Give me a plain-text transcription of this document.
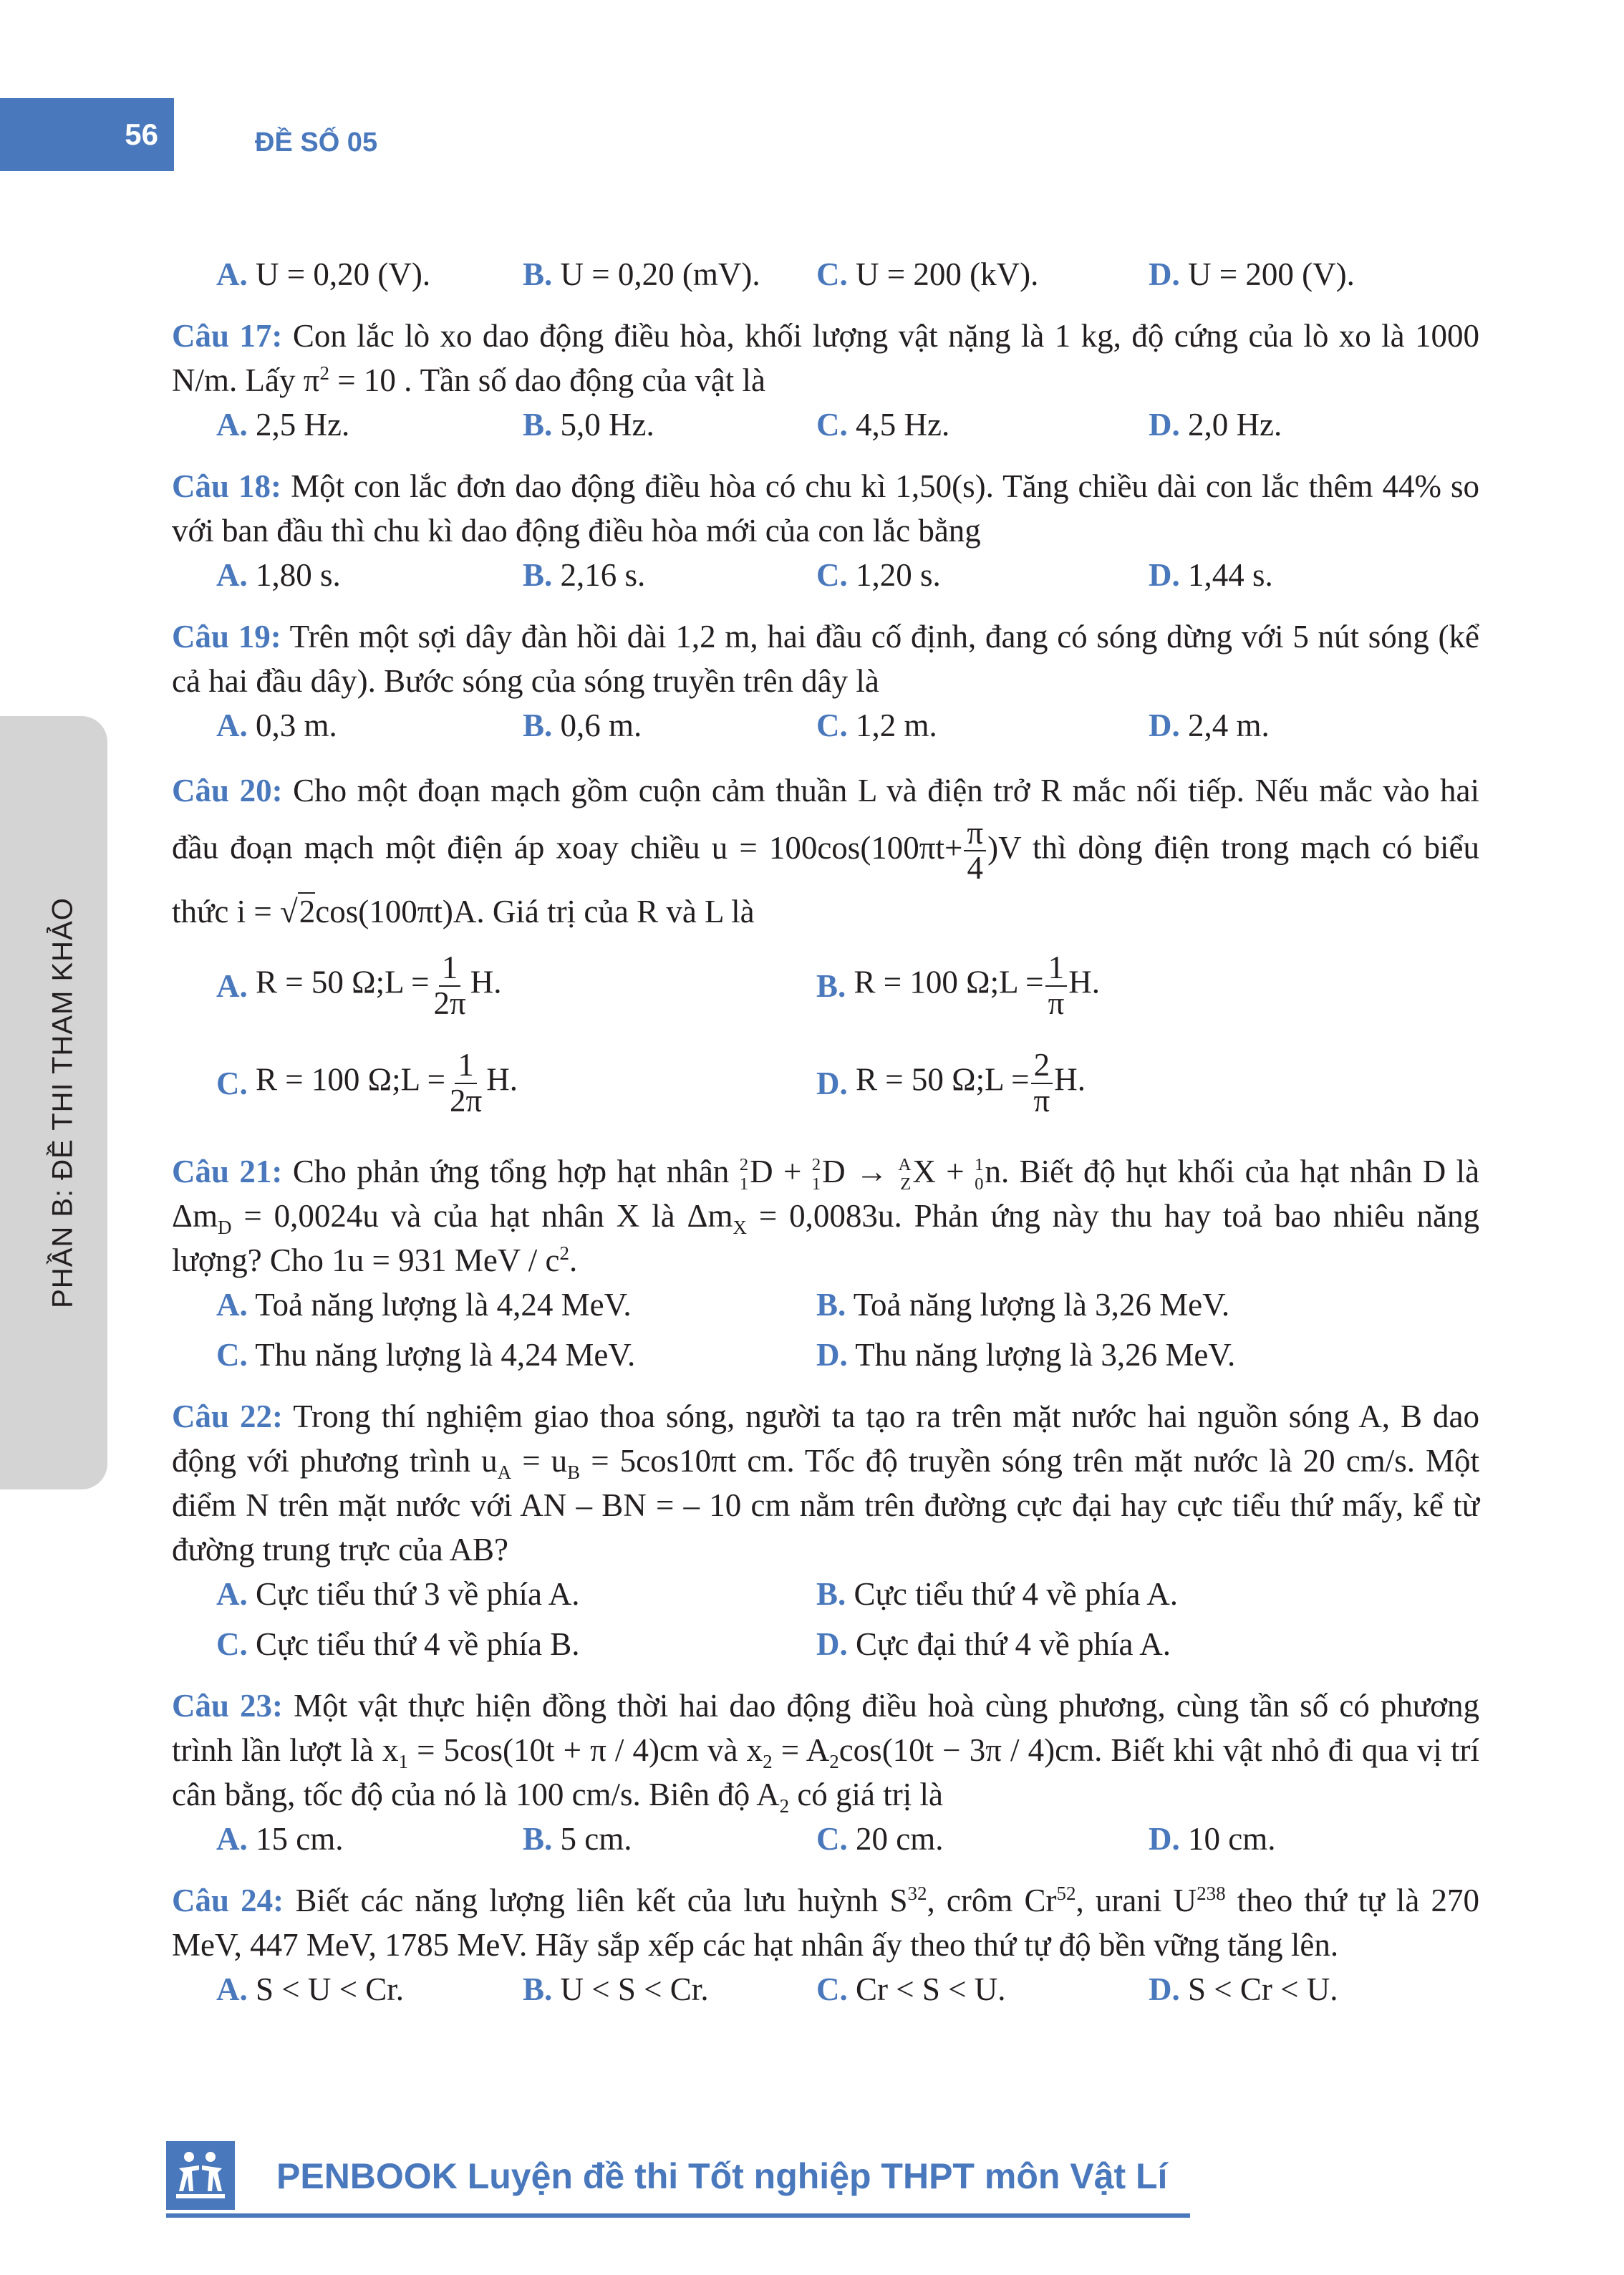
56	ĐỀ SỐ 05
PHẦN B: ĐỀ THI THAM KHẢO
A. U = 0,20 (V).	B. U = 0,20 (mV).	C. U = 200 (kV).	D. U = 200 (V).
Câu 17: Con lắc lò xo dao động điều hòa, khối lượng vật nặng là 1 kg, độ cứng của lò xo là 1000 N/m. Lấy $\pi^2 = 10$ . Tần số dao động của vật là
A. 2,5 Hz.	B. 5,0 Hz.	C. 4,5 Hz.	D. 2,0 Hz.
Câu 18: Một con lắc đơn dao động điều hòa có chu kì 1,50(s). Tăng chiều dài con lắc thêm 44% so với ban đầu thì chu kì dao động điều hòa mới của con lắc bằng
A. 1,80 s.	B. 2,16 s.	C. 1,20 s.	D. 1,44 s.
Câu 19: Trên một sợi dây đàn hồi dài 1,2 m, hai đầu cố định, đang có sóng dừng với 5 nút sóng (kể cả hai đầu dây). Bước sóng của sóng truyền trên dây là
A. 0,3 m.	B. 0,6 m.	C. 1,2 m.	D. 2,4 m.
Câu 20: Cho một đoạn mạch gồm cuộn cảm thuần L và điện trở R mắc nối tiếp. Nếu mắc vào hai đầu đoạn mạch một điện áp xoay chiều $u = 100\cos(100\pi t+ \frac{\pi}{4} )V$ thì dòng điện trong mạch có biểu thức i = √2cos(100πt)A. Giá trị của R và L là
A.
R = 50 Ω;L = $\frac{1}{2\pi} H$.	B.
R = 100 Ω;L = $\frac{1}{\pi} H$.
C.
R = 100 Ω;L = $\frac{1}{2\pi} H$.	D.
R = 50 Ω;L = $\frac{2}{\pi} H$.
Câu 21: Cho phản ứng tổng hợp hạt nhân 2
1 D + 2
1 D → A
Z X + 1
0 n. Biết độ hụt khối của hạt nhân D là $\Delta m_D = 0,0024u$ và của hạt nhân X là $\Delta m_X = 0,0083u$. Phản ứng này thu hay toả bao nhiêu năng lượng? Cho 1u = 931 MeV / $c^2$.
A. Toả năng lượng là 4,24 MeV.	B. Toả năng lượng là 3,26 MeV.
C. Thu năng lượng là 4,24 MeV.	D. Thu năng lượng là 3,26 MeV.
Câu 22: Trong thí nghiệm giao thoa sóng, người ta tạo ra trên mặt nước hai nguồn sóng A, B dao động với phương trình $u_A = u_B = 5\cos 10\pi t$ cm. Tốc độ truyền sóng trên mặt nước là 20 cm/s. Một điểm N trên mặt nước với AN – BN = – 10 cm nằm trên đường cực đại hay cực tiểu thứ mấy, kể từ đường trung trực của AB?
A. Cực tiểu thứ 3 về phía A.	B. Cực tiểu thứ 4 về phía A.
C. Cực tiểu thứ 4 về phía B.	D. Cực đại thứ 4 về phía A.
Câu 23: Một vật thực hiện đồng thời hai dao động điều hoà cùng phương, cùng tần số có phương trình lần lượt là $x_1 = 5\cos(10t + \pi / 4)cm$ và $x_2 = A_2\cos(10t - 3\pi / 4)cm$. Biết khi vật nhỏ đi qua vị trí cân bằng, tốc độ của nó là 100 cm/s. Biên độ $A_2$ có giá trị là
A. 15 cm.	B. 5 cm.	C. 20 cm.	D. 10 cm.
Câu 24: Biết các năng lượng liên kết của lưu huỳnh $S^{32}$, crôm Cr$^{52}$, urani $U^{238}$ theo thứ tự là 270 MeV, 447 MeV, 1785 MeV. Hãy sắp xếp các hạt nhân ấy theo thứ tự độ bền vững tăng lên.
A. S < U < Cr.	B. U < S < Cr.	C. Cr < S < U.	D. S < Cr < U.
PENBOOK Luyện đề thi Tốt nghiệp THPT môn Vật Lí
